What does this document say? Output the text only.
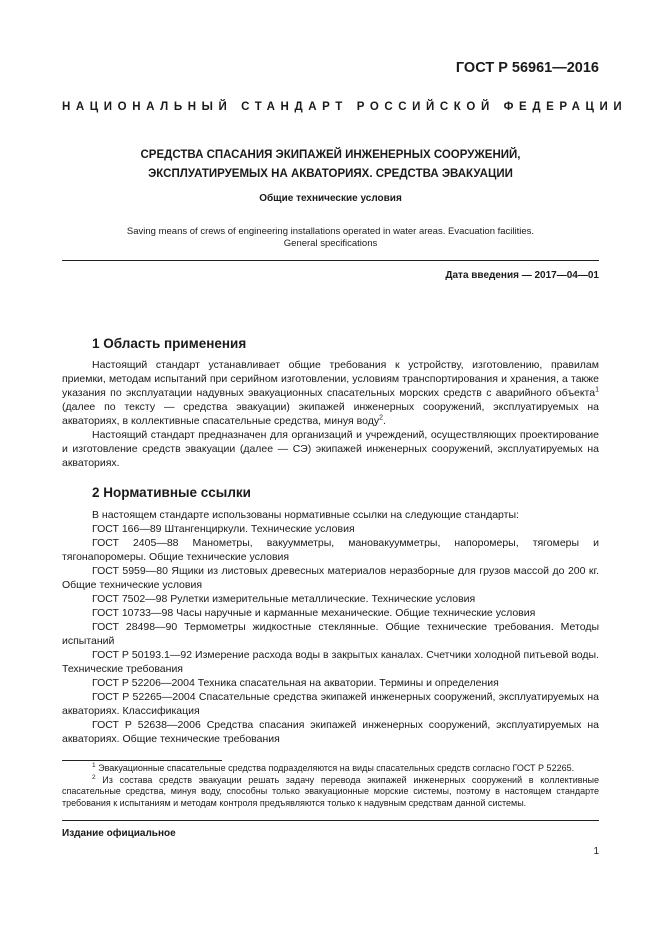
ГОСТ Р 56961—2016
НАЦИОНАЛЬНЫЙ СТАНДАРТ РОССИЙСКОЙ ФЕДЕРАЦИИ
СРЕДСТВА СПАСАНИЯ ЭКИПАЖЕЙ ИНЖЕНЕРНЫХ СООРУЖЕНИЙ,
ЭКСПЛУАТИРУЕМЫХ НА АКВАТОРИЯХ. СРЕДСТВА ЭВАКУАЦИИ
Общие технические условия
Saving means of crews of engineering installations operated in water areas. Evacuation facilities.
General specifications
Дата введения — 2017—04—01
1 Область применения

Настоящий стандарт устанавливает общие требования к устройству, изготовлению, правилам приемки, методам испытаний при серийном изготовлении, условиям транспортирования и хранения, а также указания по эксплуатации надувных эвакуационных спасательных морских средств с аварийного объекта$^1$ (далее по тексту — средства эвакуации) экипажей инженерных сооружений, эксплуатируемых на акваториях, в коллективные спасательные средства, минуя воду$^2$.

Настоящий стандарт предназначен для организаций и учреждений, осуществляющих проектирование и изготовление средств эвакуации (далее — СЭ) экипажей инженерных сооружений, эксплуатируемых на акваториях.

2 Нормативные ссылки

В настоящем стандарте использованы нормативные ссылки на следующие стандарты:

ГОСТ 166—89 Штангенциркули. Технические условия

ГОСТ 2405—88 Манометры, вакуумметры, мановакуумметры, напоромеры, тягомеры и тягонапоромеры. Общие технические условия

ГОСТ 5959—80 Ящики из листовых древесных материалов неразборные для грузов массой до 200 кг. Общие технические условия

ГОСТ 7502—98 Рулетки измерительные металлические. Технические условия

ГОСТ 10733—98 Часы наручные и карманные механические. Общие технические условия

ГОСТ 28498—90 Термометры жидкостные стеклянные. Общие технические требования. Методы испытаний

ГОСТ Р 50193.1—92 Измерение расхода воды в закрытых каналах. Счетчики холодной питьевой воды. Технические требования

ГОСТ Р 52206—2004 Техника спасательная на акватории. Термины и определения

ГОСТ Р 52265—2004 Спасательные средства экипажей инженерных сооружений, эксплуатируемых на акваториях. Классификация

ГОСТ Р 52638—2006 Средства спасания экипажей инженерных сооружений, эксплуатируемых на акваториях. Общие технические требования

$^1$ Эвакуационные спасательные средства подразделяются на виды спасательных средств согласно ГОСТ Р 52265.

$^2$ Из состава средств эвакуации решать задачу перевода экипажей инженерных сооружений в коллективные спасательные средства, минуя воду, способны только эвакуационные морские системы, поэтому в настоящем стандарте требования к испытаниям и методам контроля предъявляются только к надувным средствам данной системы.

Издание официальное
1
